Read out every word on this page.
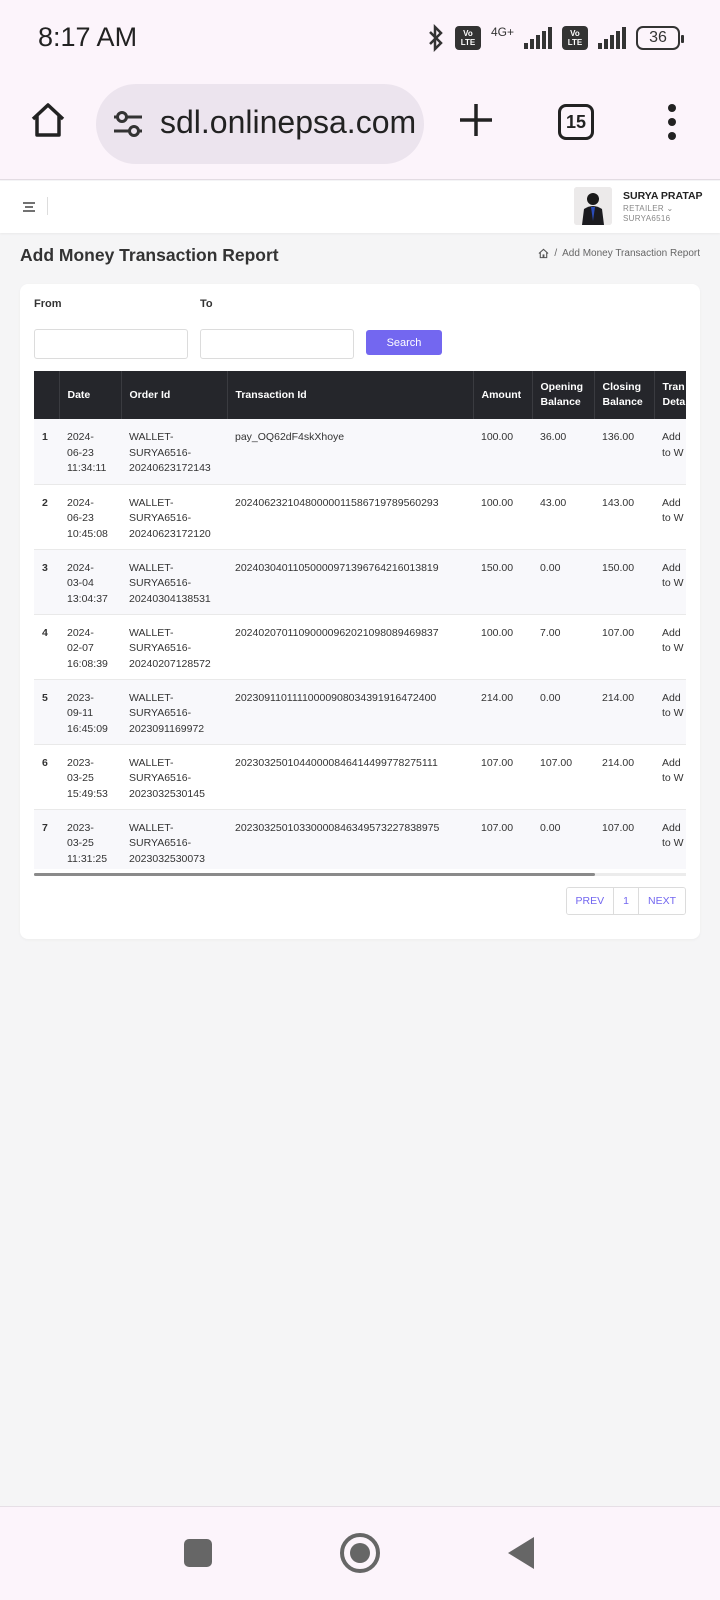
8:17 AM	Vo
LTE
4G+	Vo
LTE	36
sdl.onlinepsa.com	15
SURYA PRATAP
RETAILER ⌄
SURYA6516
Add Money Transaction Report	/ Add Money Transaction Report
From	To
Search
	Date	Order Id	Transaction Id	Amount	Opening
Balance	Closing
Balance	Tran
Deta
1	2024-
06-23
11:34:11	WALLET-
SURYA6516-
20240623172143	pay_OQ62dF4skXhoye	100.00	36.00	136.00	Add
to W
2	2024-
06-23
10:45:08	WALLET-
SURYA6516-
20240623172120	20240623210480000011586719789560293	100.00	43.00	143.00	Add
to W
3	2024-
03-04
13:04:37	WALLET-
SURYA6516-
20240304138531	20240304011050000971396764216013819	150.00	0.00	150.00	Add
to W
4	2024-
02-07
16:08:39	WALLET-
SURYA6516-
20240207128572	20240207011090000962021098089469837	100.00	7.00	107.00	Add
to W
5	2023-
09-11
16:45:09	WALLET-
SURYA6516-
2023091169972	20230911011110000908034391916472400	214.00	0.00	214.00	Add
to W
6	2023-
03-25
15:49:53	WALLET-
SURYA6516-
2023032530145	20230325010440000846414499778275111	107.00	107.00	214.00	Add
to W
7	2023-
03-25
11:31:25	WALLET-
SURYA6516-
2023032530073	20230325010330000846349573227838975	107.00	0.00	107.00	Add
to W
PREV	1	NEXT
